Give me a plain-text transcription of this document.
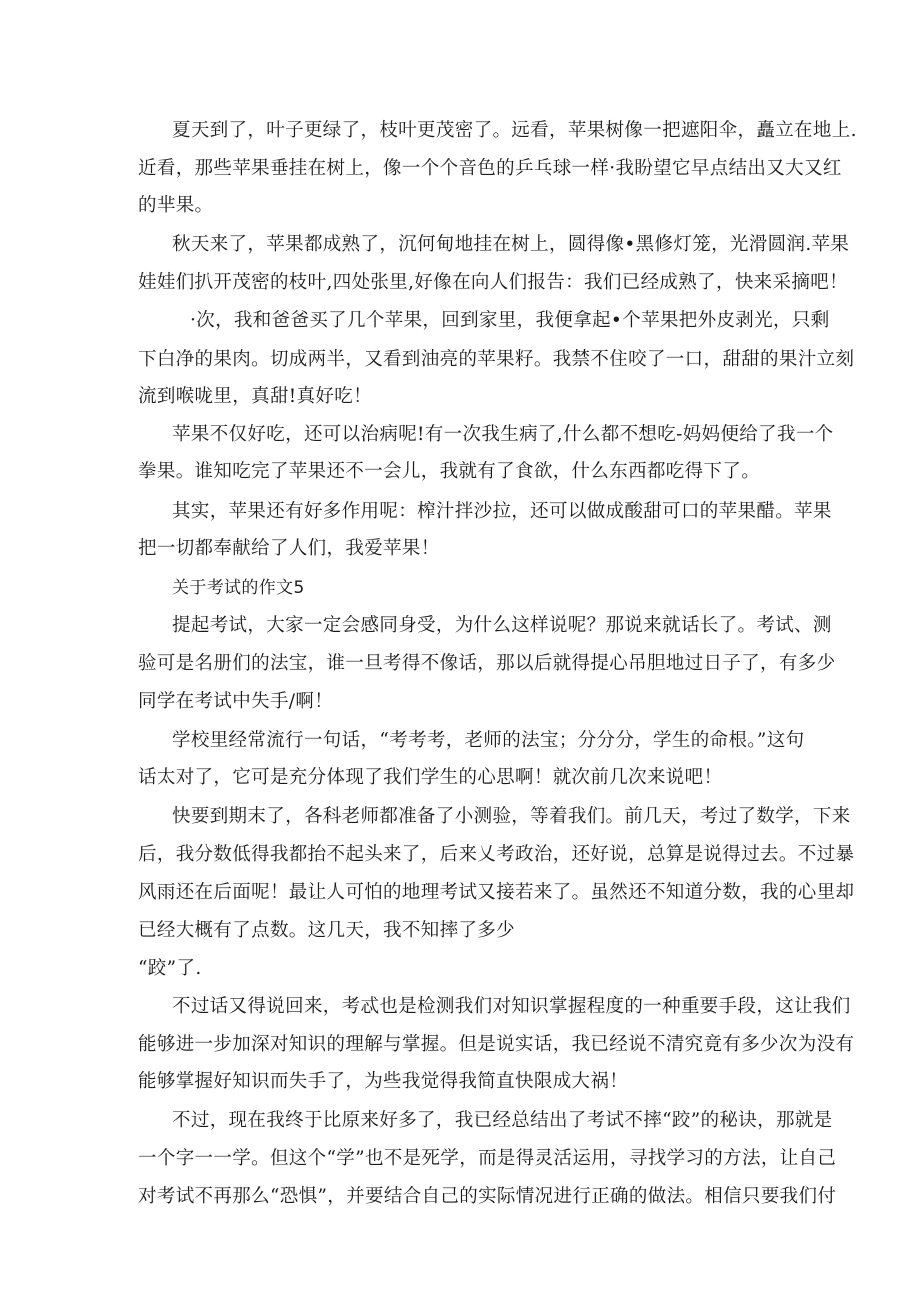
夏天到了，叶子更绿了，枝叶更茂密了。远看，苹果树像一把遮阳伞，矗立在地上.
近看，那些苹果垂挂在树上，像一个个音色的乒乓球一样·我盼望它早点结出又大又红
的芈果。
秋天来了，苹果都成熟了，沉何甸地挂在树上，圆得像•黑修灯笼，光滑圆润.苹果
娃娃们扒开茂密的枝叶,四处张里,好像在向人们报告：我们已经成熟了，快来采摘吧！
·次，我和爸爸买了几个苹果，回到家里，我便拿起•个苹果把外皮剥光，只剩
下白净的果肉。切成两半，又看到油亮的苹果籽。我禁不住咬了一口，甜甜的果汁立刻
流到喉咙里，真甜!真好吃！
苹果不仅好吃，还可以治病呢!有一次我生病了,什么都不想吃-妈妈便给了我一个
拳果。谁知吃完了苹果还不一会儿，我就有了食欲，什么东西都吃得下了。
其实，苹果还有好多作用呢：榨汁拌沙拉，还可以做成酸甜可口的苹果醋。苹果
把一切都奉献给了人们，我爱苹果！
关于考试的作文5
提起考试，大家一定会感同身受，为什么这样说呢？那说来就话长了。考试、测
验可是名册们的法宝，谁一旦考得不像话，那以后就得提心吊胆地过日子了，有多少
同学在考试中失手/啊！
学校里经常流行一句话，“考考考，老师的法宝；分分分，学生的命根。”这句
话太对了，它可是充分体现了我们学生的心思啊！就次前几次来说吧！
快要到期末了，各科老师都准备了小测验，等着我们。前几天，考过了数学，下来
后，我分数低得我都抬不起头来了，后来乂考政治，还好说，总算是说得过去。不过暴
风雨还在后面呢！最让人可怕的地理考试又接若来了。虽然还不知道分数，我的心里却
已经大概有了点数。这几天，我不知摔了多少
“跤”了.
不过话又得说回来，考忒也是检测我们对知识掌握程度的一种重要手段，这让我们
能够进一步加深对知识的理解与掌握。但是说实话，我已经说不清究竟有多少次为没有
能够掌握好知识而失手了，为些我觉得我简直快限成大祸！
不过，现在我终于比原来好多了，我已经总结出了考试不摔“跤”的秘诀，那就是
一个字一一学。但这个“学”也不是死学，而是得灵活运用，寻找学习的方法，让自己
对考试不再那么“恐惧”，并要结合自己的实际情况进行正确的做法。相信只要我们付
